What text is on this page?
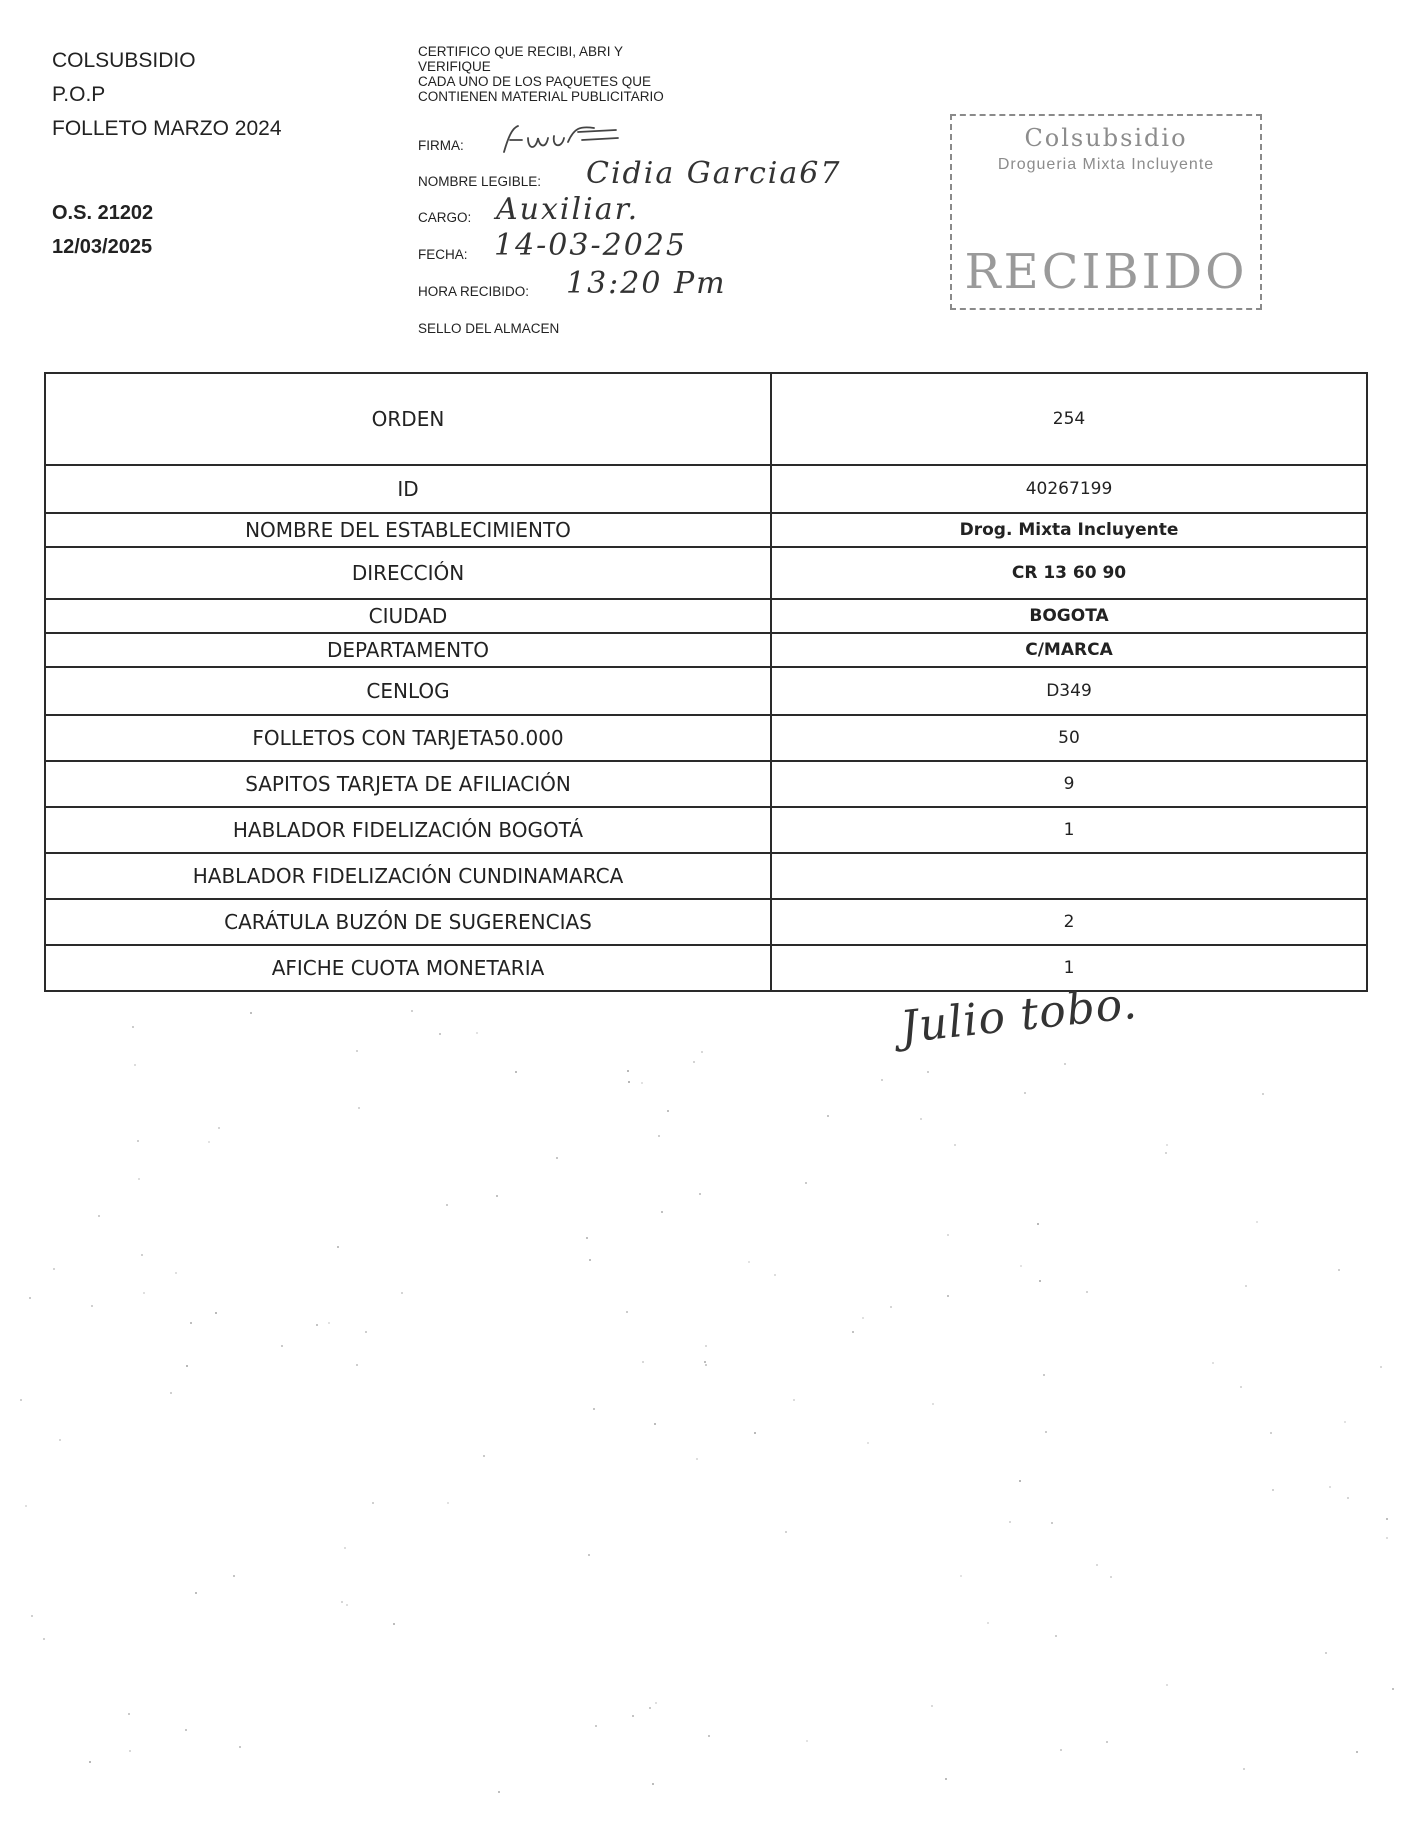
COLSUBSIDIO
P.O.P
FOLLETO MARZO 2024
O.S. 21202
12/03/2025
CERTIFICO QUE RECIBI, ABRI Y
VERIFIQUE
CADA UNO DE LOS PAQUETES QUE
CONTIENEN MATERIAL PUBLICITARIO
FIRMA:
NOMBRE LEGIBLE: Cidia Garcia67
CARGO: Auxiliar.
FECHA: 14-03-2025
HORA RECIBIDO: 13:20 Pm
SELLO DEL ALMACEN
Colsubsidio
Drogueria Mixta Incluyente
RECIBIDO
ORDEN	254
ID	40267199
NOMBRE DEL ESTABLECIMIENTO	Drog. Mixta Incluyente
DIRECCIÓN	CR 13 60 90
CIUDAD	BOGOTA
DEPARTAMENTO	C/MARCA
CENLOG	D349
FOLLETOS CON TARJETA50.000	50
SAPITOS TARJETA DE AFILIACIÓN	9
HABLADOR FIDELIZACIÓN BOGOTÁ	1
HABLADOR FIDELIZACIÓN CUNDINAMARCA	
CARÁTULA BUZÓN DE SUGERENCIAS	2
AFICHE CUOTA MONETARIA	1
Julio tobo.
